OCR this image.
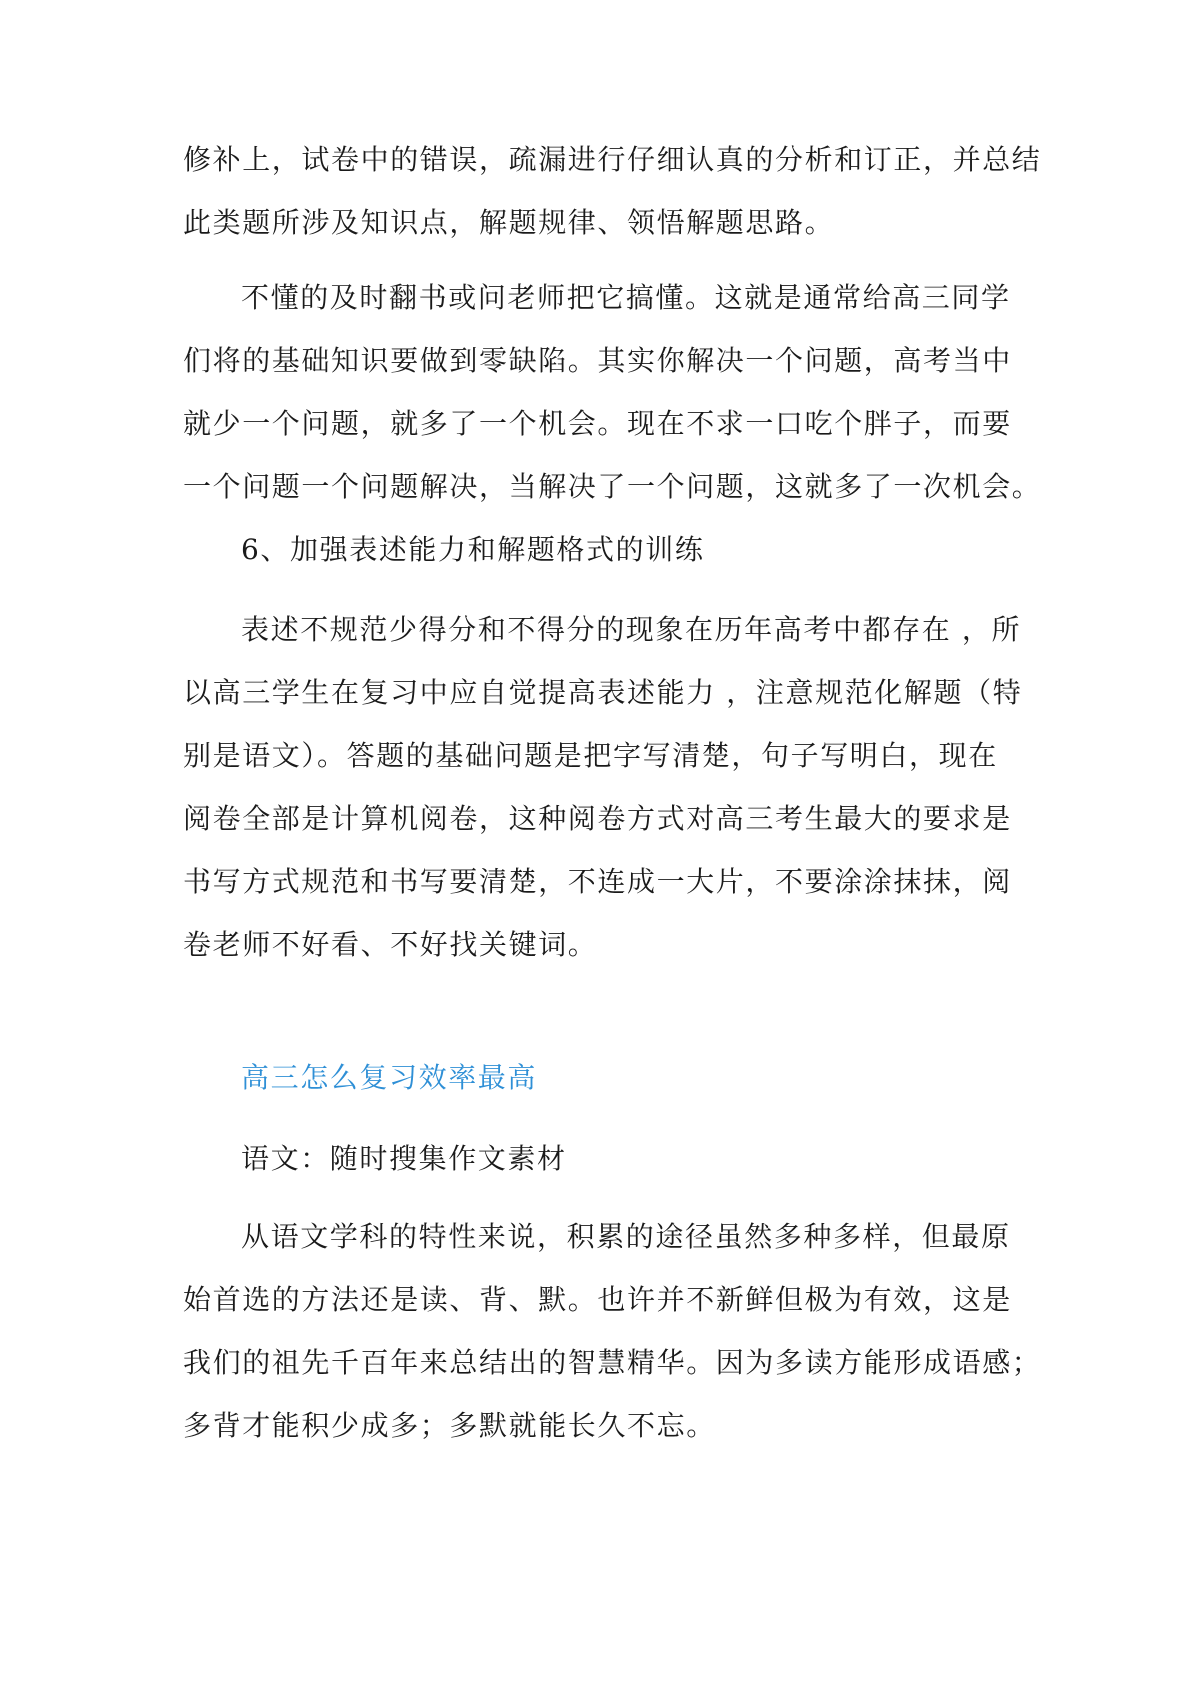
修补上，试卷中的错误，疏漏进行仔细认真的分析和订正，并总结
此类题所涉及知识点，解题规律、领悟解题思路。
不懂的及时翻书或问老师把它搞懂。这就是通常给高三同学
们将的基础知识要做到零缺陷。其实你解决一个问题，高考当中
就少一个问题，就多了一个机会。现在不求一口吃个胖子，而要
一个问题一个问题解决，当解决了一个问题，这就多了一次机会。
6、加强表述能力和解题格式的训练
表述不规范少得分和不得分的现象在历年高考中都存在 ，所
以高三学生在复习中应自觉提高表述能力 ，注意规范化解题（特
别是语文）。答题的基础问题是把字写清楚，句子写明白，现在
阅卷全部是计算机阅卷，这种阅卷方式对高三考生最大的要求是
书写方式规范和书写要清楚，不连成一大片，不要涂涂抹抹，阅
卷老师不好看、不好找关键词。
高三怎么复习效率最高
语文：随时搜集作文素材
从语文学科的特性来说，积累的途径虽然多种多样，但最原
始首选的方法还是读、背、默。也许并不新鲜但极为有效，这是
我们的祖先千百年来总结出的智慧精华。因为多读方能形成语感；
多背才能积少成多；多默就能长久不忘。
